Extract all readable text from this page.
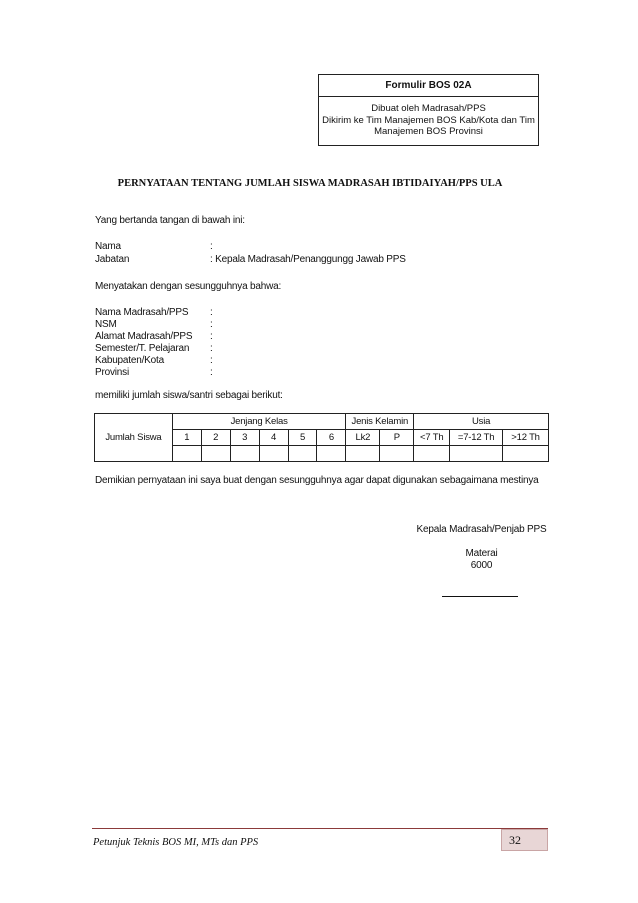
Formulir BOS 02A
Dibuat oleh Madrasah/PPS
Dikirim ke Tim Manajemen BOS Kab/Kota dan Tim
Manajemen BOS Provinsi
PERNYATAAN TENTANG JUMLAH SISWA MADRASAH IBTIDAIYAH/PPS ULA
Yang bertanda tangan di bawah ini:
Nama	:
Jabatan	: Kepala Madrasah/Penanggungg Jawab PPS
Menyatakan dengan sesungguhnya bahwa:
Nama Madrasah/PPS :
NSM	:
Alamat Madrasah/PPS :
Semester/T. Pelajaran :
Kabupaten/Kota	:
Provinsi	:
memiliki jumlah siswa/santri sebagai berikut:
Jumlah Siswa	Jenjang Kelas						Jenis Kelamin		Usia		
	1	2	3	4	5	6	Lk2	P	<7 Th	=7-12 Th	>12 Th

Demikian pernyataan ini saya buat dengan sesungguhnya agar dapat digunakan sebagaimana mestinya
Kepala Madrasah/Penjab PPS
Materai
6000
Petunjuk Teknis BOS MI, MTs dan PPS	32
